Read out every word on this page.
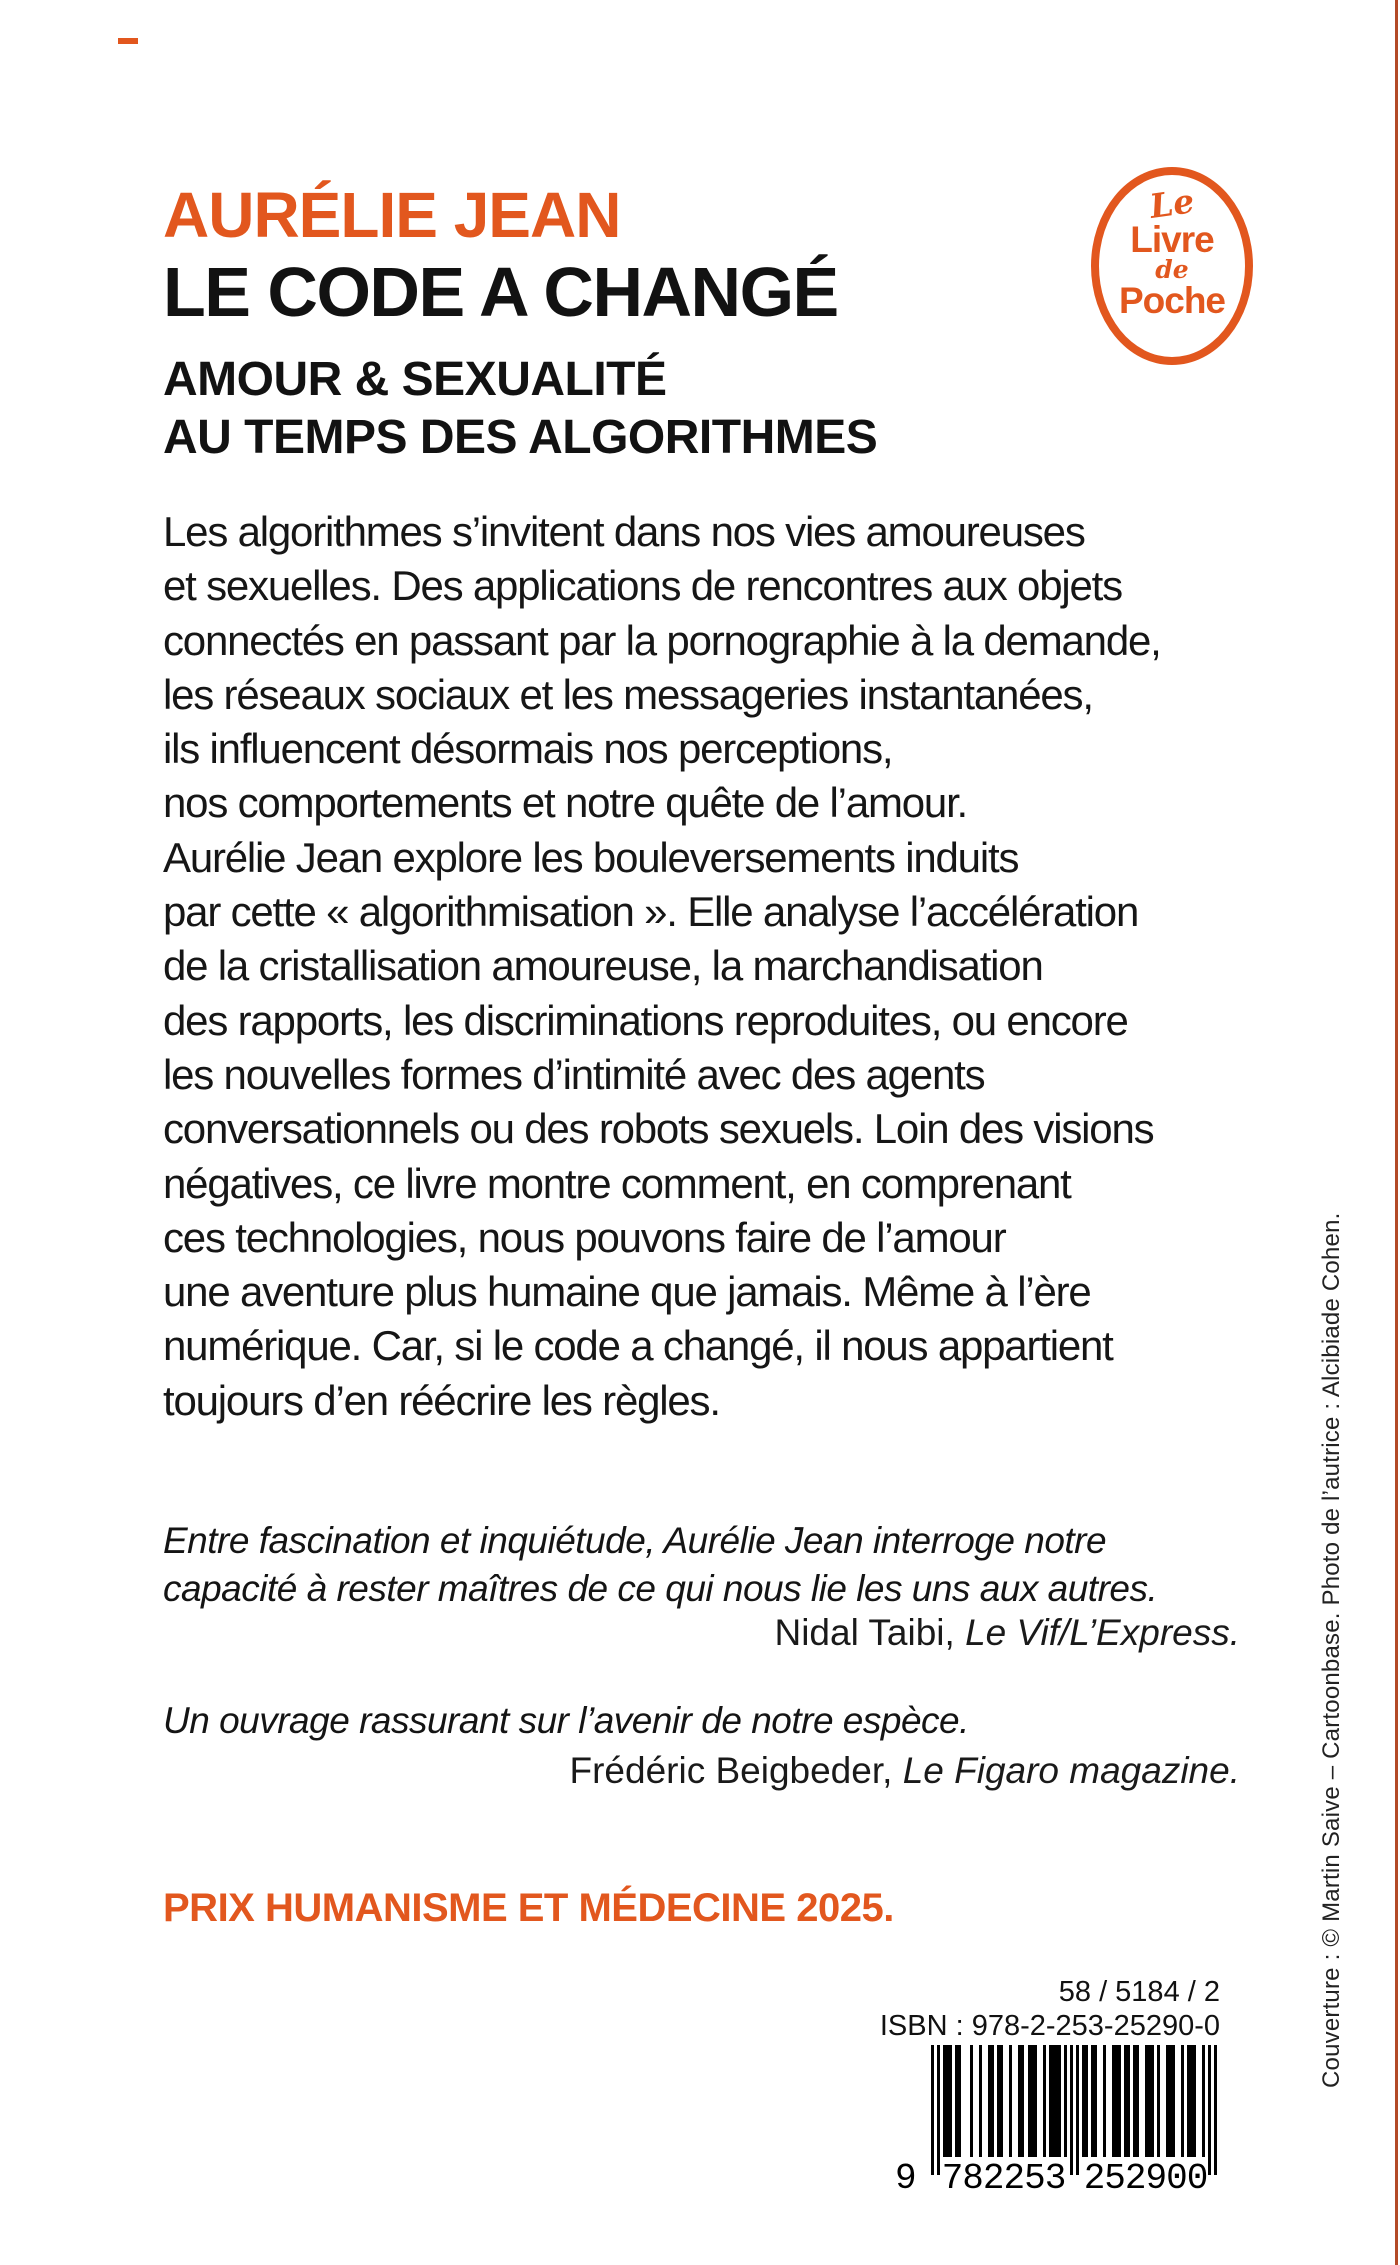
AURÉLIE JEAN
LE CODE A CHANGÉ
AMOUR & SEXUALITÉ
AU TEMPS DES ALGORITHMES
Le
Livre
de
Poche
Les algorithmes s’invitent dans nos vies amoureuses
et sexuelles. Des applications de rencontres aux objets
connectés en passant par la pornographie à la demande,
les réseaux sociaux et les messageries instantanées,
ils influencent désormais nos perceptions,
nos comportements et notre quête de l’amour.
Aurélie Jean explore les bouleversements induits
par cette « algorithmisation ». Elle analyse l’accélération
de la cristallisation amoureuse, la marchandisation
des rapports, les discriminations reproduites, ou encore
les nouvelles formes d’intimité avec des agents
conversationnels ou des robots sexuels. Loin des visions
négatives, ce livre montre comment, en comprenant
ces technologies, nous pouvons faire de l’amour
une aventure plus humaine que jamais. Même à l’ère
numérique. Car, si le code a changé, il nous appartient
toujours d’en réécrire les règles.
Entre fascination et inquiétude, Aurélie Jean interroge notre
capacité à rester maîtres de ce qui nous lie les uns aux autres.
Nidal Taibi, Le Vif/L’Express.
Un ouvrage rassurant sur l’avenir de notre espèce.
Frédéric Beigbeder, Le Figaro magazine.
PRIX HUMANISME ET MÉDECINE 2025.
58 / 5184 / 2
ISBN : 978-2-253-25290-0
9 782253 252900
Couverture : © Martin Saive – Cartoonbase. Photo de l’autrice : Alcibiade Cohen.
